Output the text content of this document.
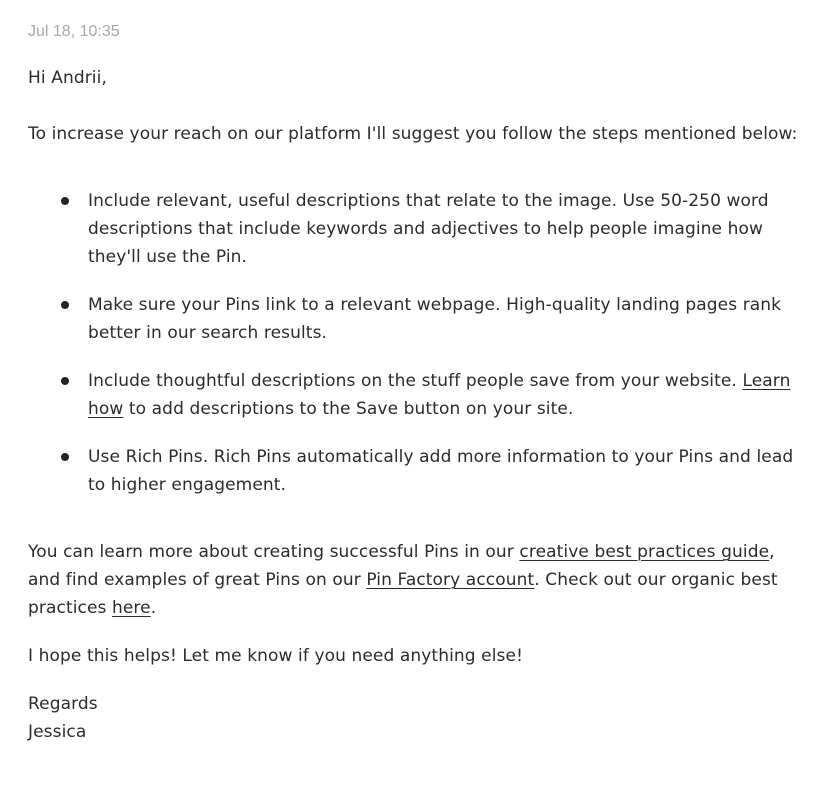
Jul 18, 10:35

Hi Andrii,

To increase your reach on our platform I'll suggest you follow the steps mentioned below:

Include relevant, useful descriptions that relate to the image. Use 50-250 word descriptions that include keywords and adjectives to help people imagine how they'll use the Pin.
Make sure your Pins link to a relevant webpage. High-quality landing pages rank better in our search results.
Include thoughtful descriptions on the stuff people save from your website. Learn how to add descriptions to the Save button on your site.
Use Rich Pins. Rich Pins automatically add more information to your Pins and lead to higher engagement.

You can learn more about creating successful Pins in our creative best practices guide, and find examples of great Pins on our Pin Factory account. Check out our organic best practices here.

I hope this helps! Let me know if you need anything else!

Regards

Jessica
